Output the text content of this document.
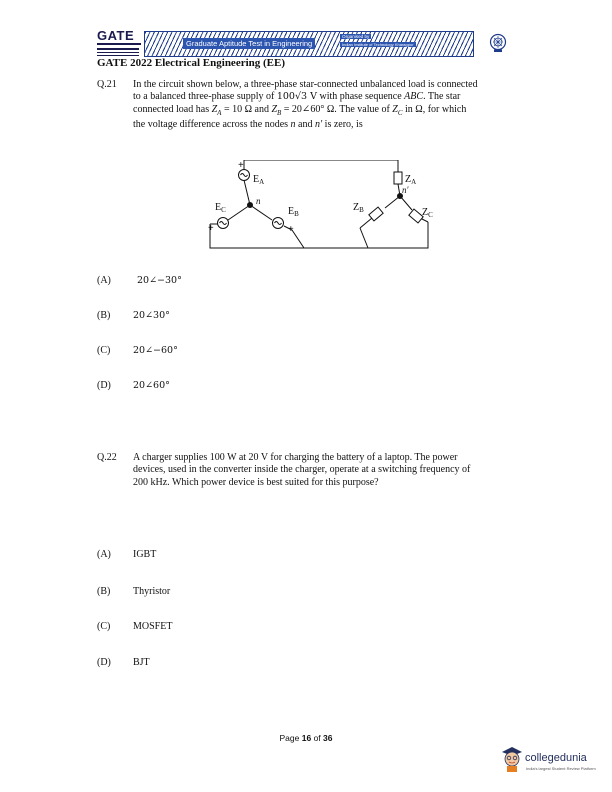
GATE
Graduate Aptitude Test in Engineering
Organised by
Indian Institute of Technology Kharagpur
GATE 2022 Electrical Engineering (EE)
Q.21 In the circuit shown below, a three-phase star-connected unbalanced load is connected
to a balanced three-phase supply of 100√3 V with phase sequence ABC. The star
connected load has $Z_A = 10$ Ω and $Z_B$ = 20∠60° Ω. The value of $Z_C$ in Ω, for which
the voltage difference across the nodes n and n′ is zero, is
+
$E_A$
$E_C$
+
n
$E_B$
+
$Z_A$
n′
$Z_B$	$Z_C$
(A)	20∠−30°
(B) 20∠30°
(C) 20∠−60°
(D) 20∠60°
Q.22 A charger supplies 100 W at 20 V for charging the battery of a laptop. The power
devices, used in the converter inside the charger, operate at a switching frequency of
200 kHz. Which power device is best suited for this purpose?
(A) IGBT
(B) Thyristor
(C) MOSFET
(D) BJT
Page 16 of 36
collegedunia
India's largest Student Review Platform
